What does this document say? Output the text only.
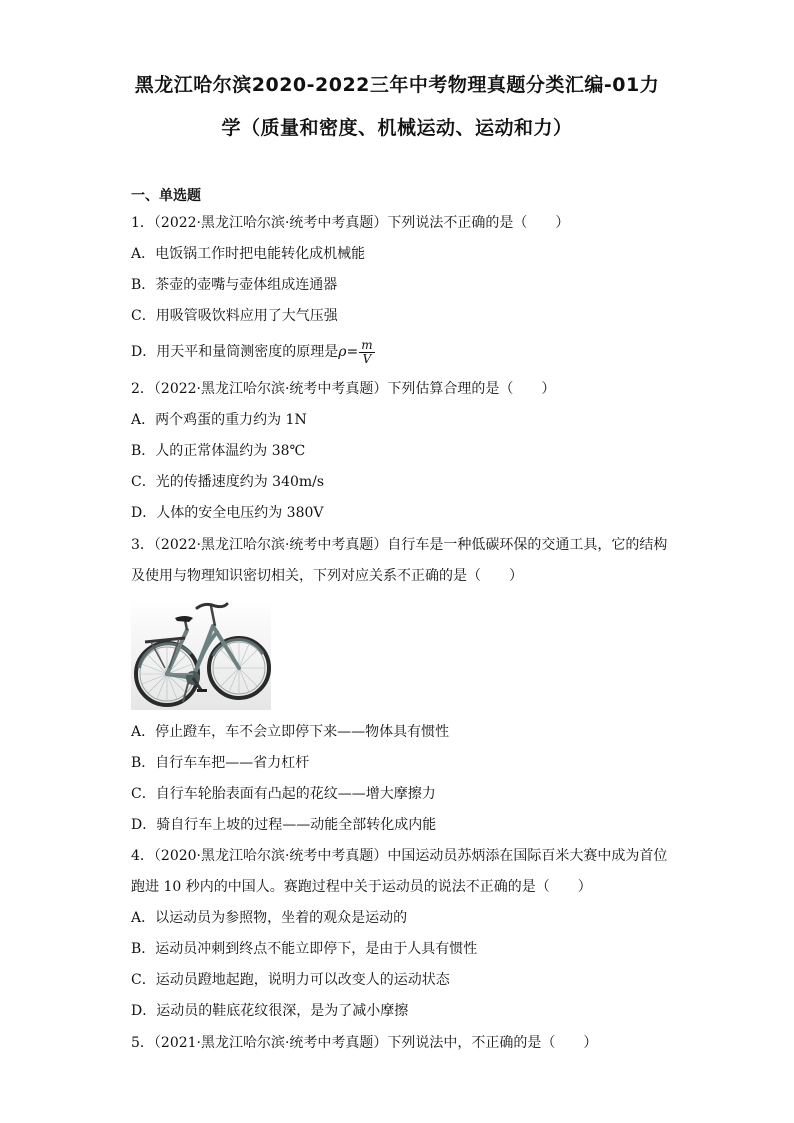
黑龙江哈尔滨2020-2022三年中考物理真题分类汇编-01力
学（质量和密度、机械运动、运动和力）
一、单选题
1．（2022·黑龙江哈尔滨·统考中考真题）下列说法不正确的是（　　）
A．电饭锅工作时把电能转化成机械能
B．茶壶的壶嘴与壶体组成连通器
C．用吸管吸饮料应用了大气压强
D．用天平和量筒测密度的原理是$\rho= \frac{m}{V}$
2．（2022·黑龙江哈尔滨·统考中考真题）下列估算合理的是（　　）
A．两个鸡蛋的重力约为 1N
B．人的正常体温约为 38℃
C．光的传播速度约为 340m/s
D．人体的安全电压约为 380V
3．（2022·黑龙江哈尔滨·统考中考真题）自行车是一种低碳环保的交通工具，它的结构
及使用与物理知识密切相关，下列对应关系不正确的是（　　）
A．停止蹬车，车不会立即停下来——物体具有惯性
B．自行车车把——省力杠杆
C．自行车轮胎表面有凸起的花纹——增大摩擦力
D．骑自行车上坡的过程——动能全部转化成内能
4．（2020·黑龙江哈尔滨·统考中考真题）中国运动员苏炳添在国际百米大赛中成为首位
跑进 10 秒内的中国人。赛跑过程中关于运动员的说法不正确的是（　　）
A．以运动员为参照物，坐着的观众是运动的
B．运动员冲刺到终点不能立即停下，是由于人具有惯性
C．运动员蹬地起跑，说明力可以改变人的运动状态
D．运动员的鞋底花纹很深，是为了减小摩擦
5．（2021·黑龙江哈尔滨·统考中考真题）下列说法中，不正确的是（　　）
